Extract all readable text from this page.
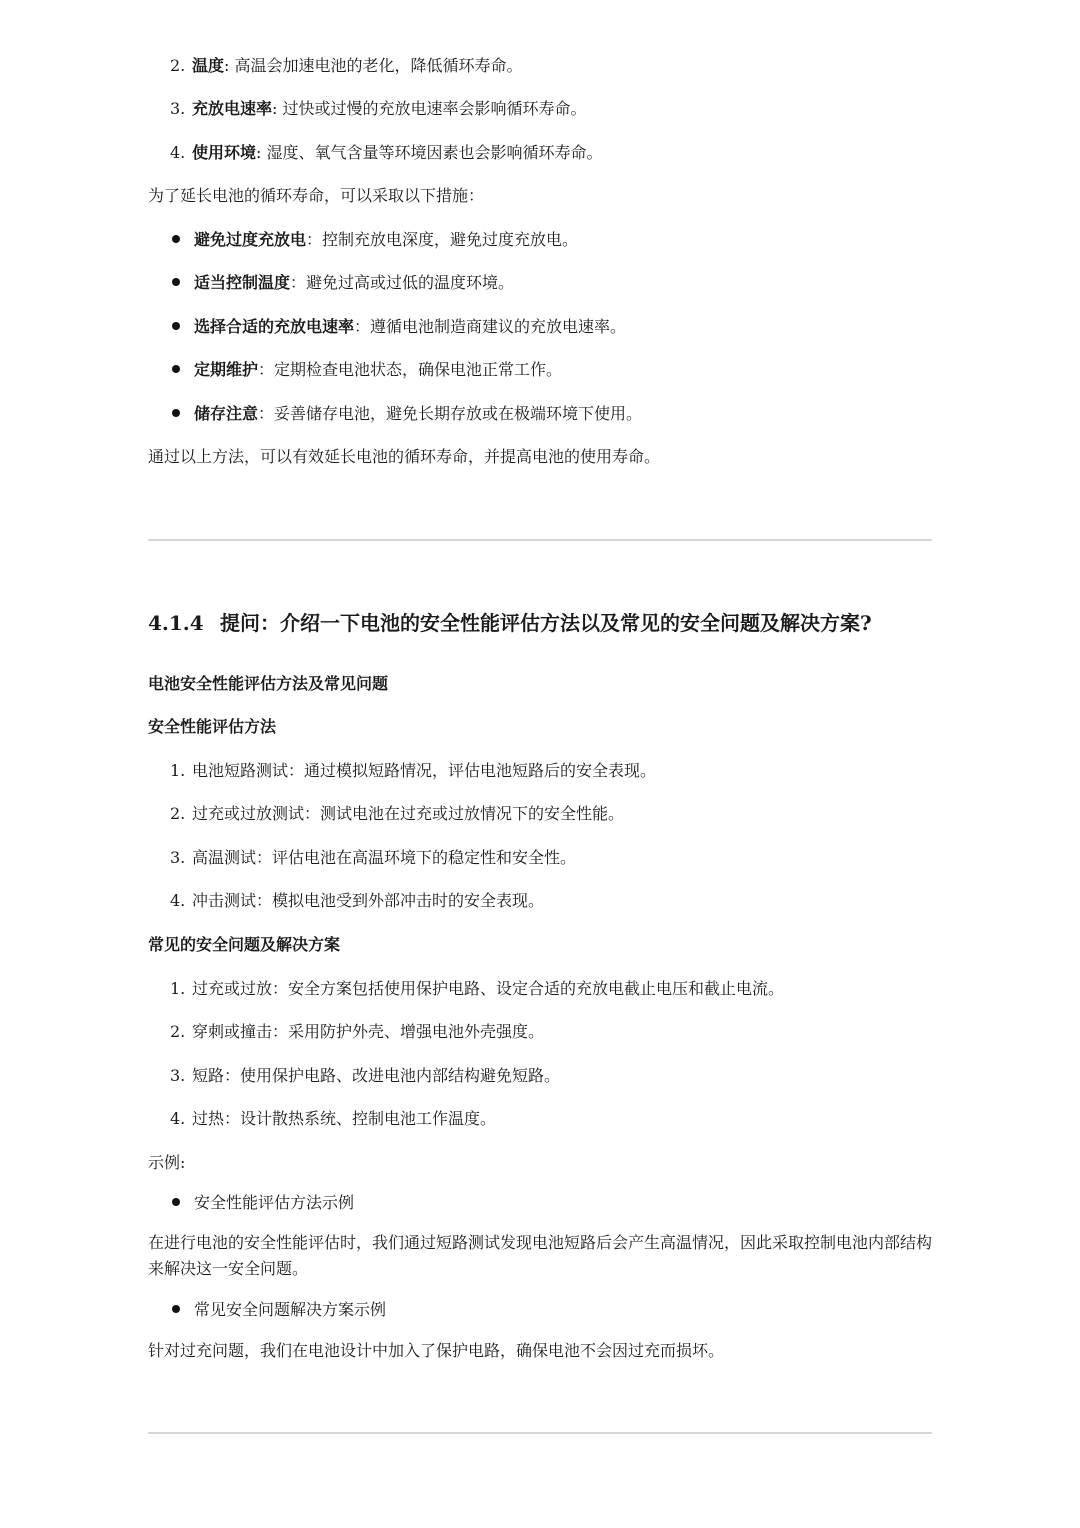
2. 温度: 高温会加速电池的老化，降低循环寿命。
3. 充放电速率: 过快或过慢的充放电速率会影响循环寿命。
4. 使用环境: 湿度、氧气含量等环境因素也会影响循环寿命。
为了延长电池的循环寿命，可以采取以下措施：
避免过度充放电：控制充放电深度，避免过度充放电。
适当控制温度：避免过高或过低的温度环境。
选择合适的充放电速率：遵循电池制造商建议的充放电速率。
定期维护：定期检查电池状态，确保电池正常工作。
储存注意：妥善储存电池，避免长期存放或在极端环境下使用。
通过以上方法，可以有效延长电池的循环寿命，并提高电池的使用寿命。
4.1.4 提问：介绍一下电池的安全性能评估方法以及常见的安全问题及解决方案?
电池安全性能评估方法及常见问题
安全性能评估方法
1. 电池短路测试：通过模拟短路情况，评估电池短路后的安全表现。
2. 过充或过放测试：测试电池在过充或过放情况下的安全性能。
3. 高温测试：评估电池在高温环境下的稳定性和安全性。
4. 冲击测试：模拟电池受到外部冲击时的安全表现。
常见的安全问题及解决方案
1. 过充或过放：安全方案包括使用保护电路、设定合适的充放电截止电压和截止电流。
2. 穿刺或撞击：采用防护外壳、增强电池外壳强度。
3. 短路：使用保护电路、改进电池内部结构避免短路。
4. 过热：设计散热系统、控制电池工作温度。
示例:
安全性能评估方法示例
在进行电池的安全性能评估时，我们通过短路测试发现电池短路后会产生高温情况，因此采取控制电池内部结构来解决这一安全问题。
常见安全问题解决方案示例
针对过充问题，我们在电池设计中加入了保护电路，确保电池不会因过充而损坏。
